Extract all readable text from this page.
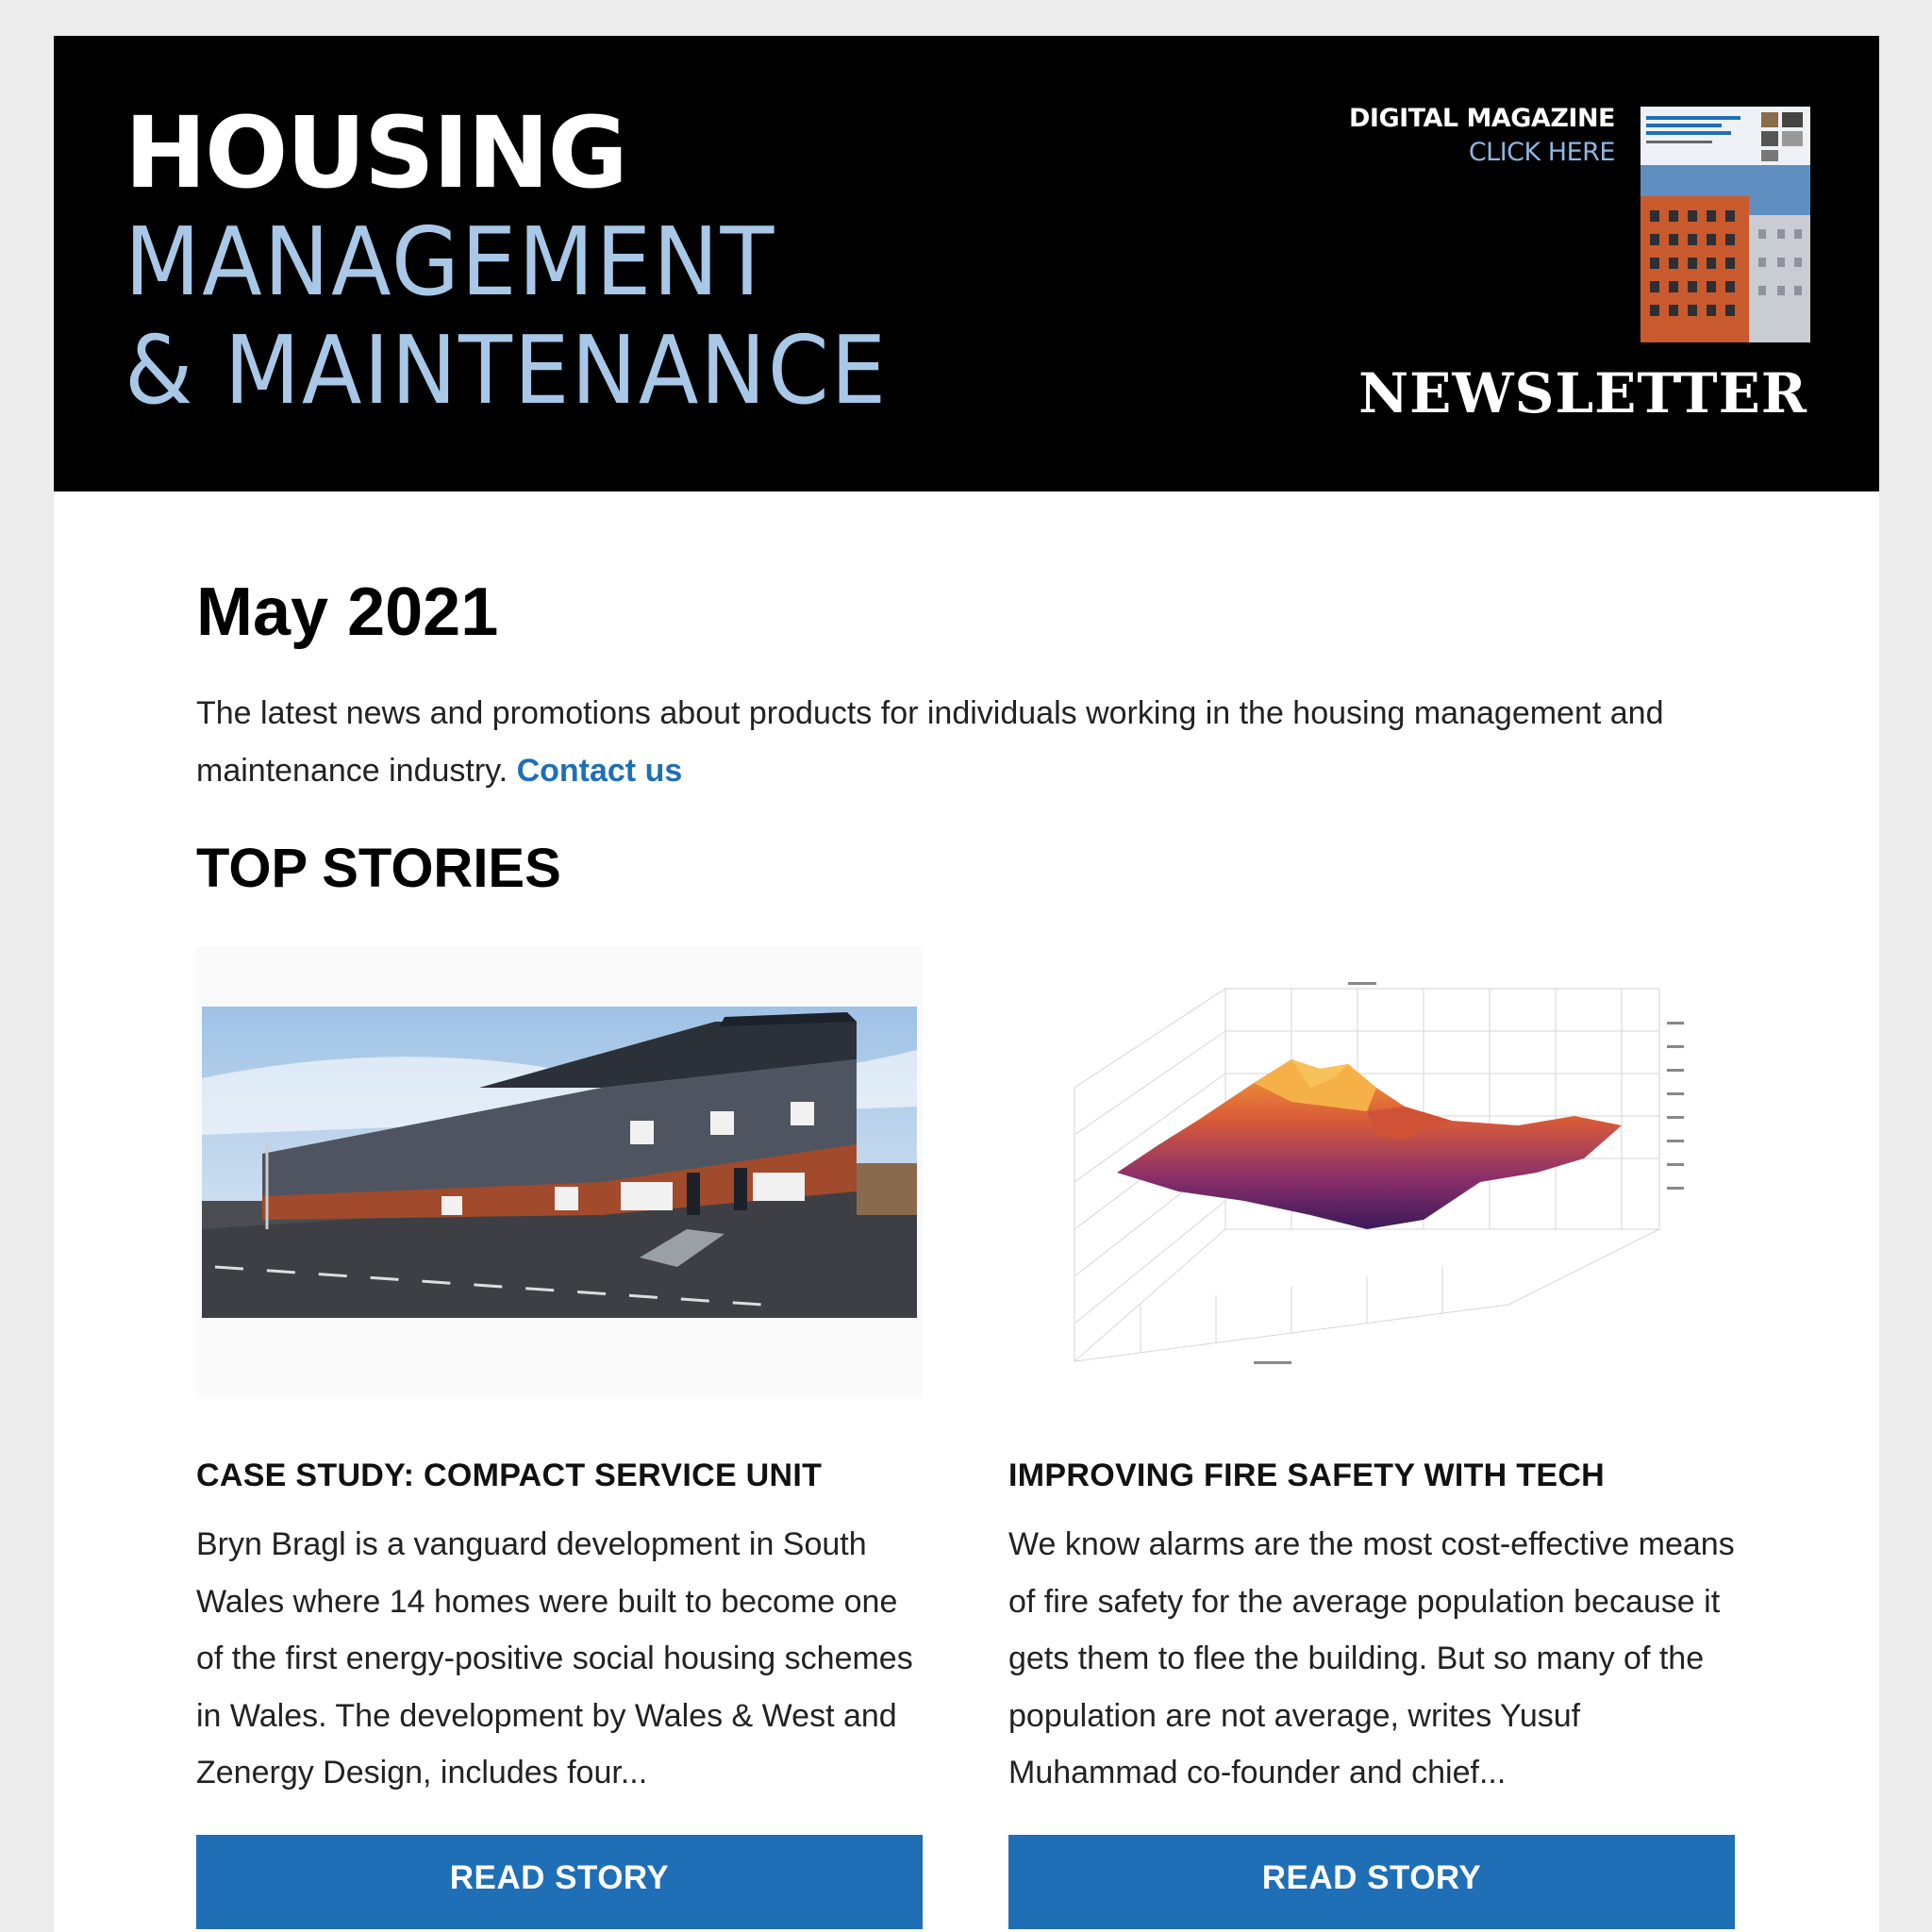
HOUSING
MANAGEMENT
& MAINTENANCE
DIGITAL MAGAZINE
CLICK HERE
NEWSLETTER
May 2021
The latest news and promotions about products for individuals working in the housing management and maintenance industry. Contact us
TOP STORIES
CASE STUDY: COMPACT SERVICE UNIT
Bryn Bragl is a vanguard development in South Wales where 14 homes were built to become one of the first energy-positive social housing schemes in Wales. The development by Wales & West and Zenergy Design, includes four...
READ STORY
IMPROVING FIRE SAFETY WITH TECH
We know alarms are the most cost-effective means of fire safety for the average population because it gets them to flee the building. But so many of the population are not average, writes Yusuf Muhammad co-founder and chief...
READ STORY
